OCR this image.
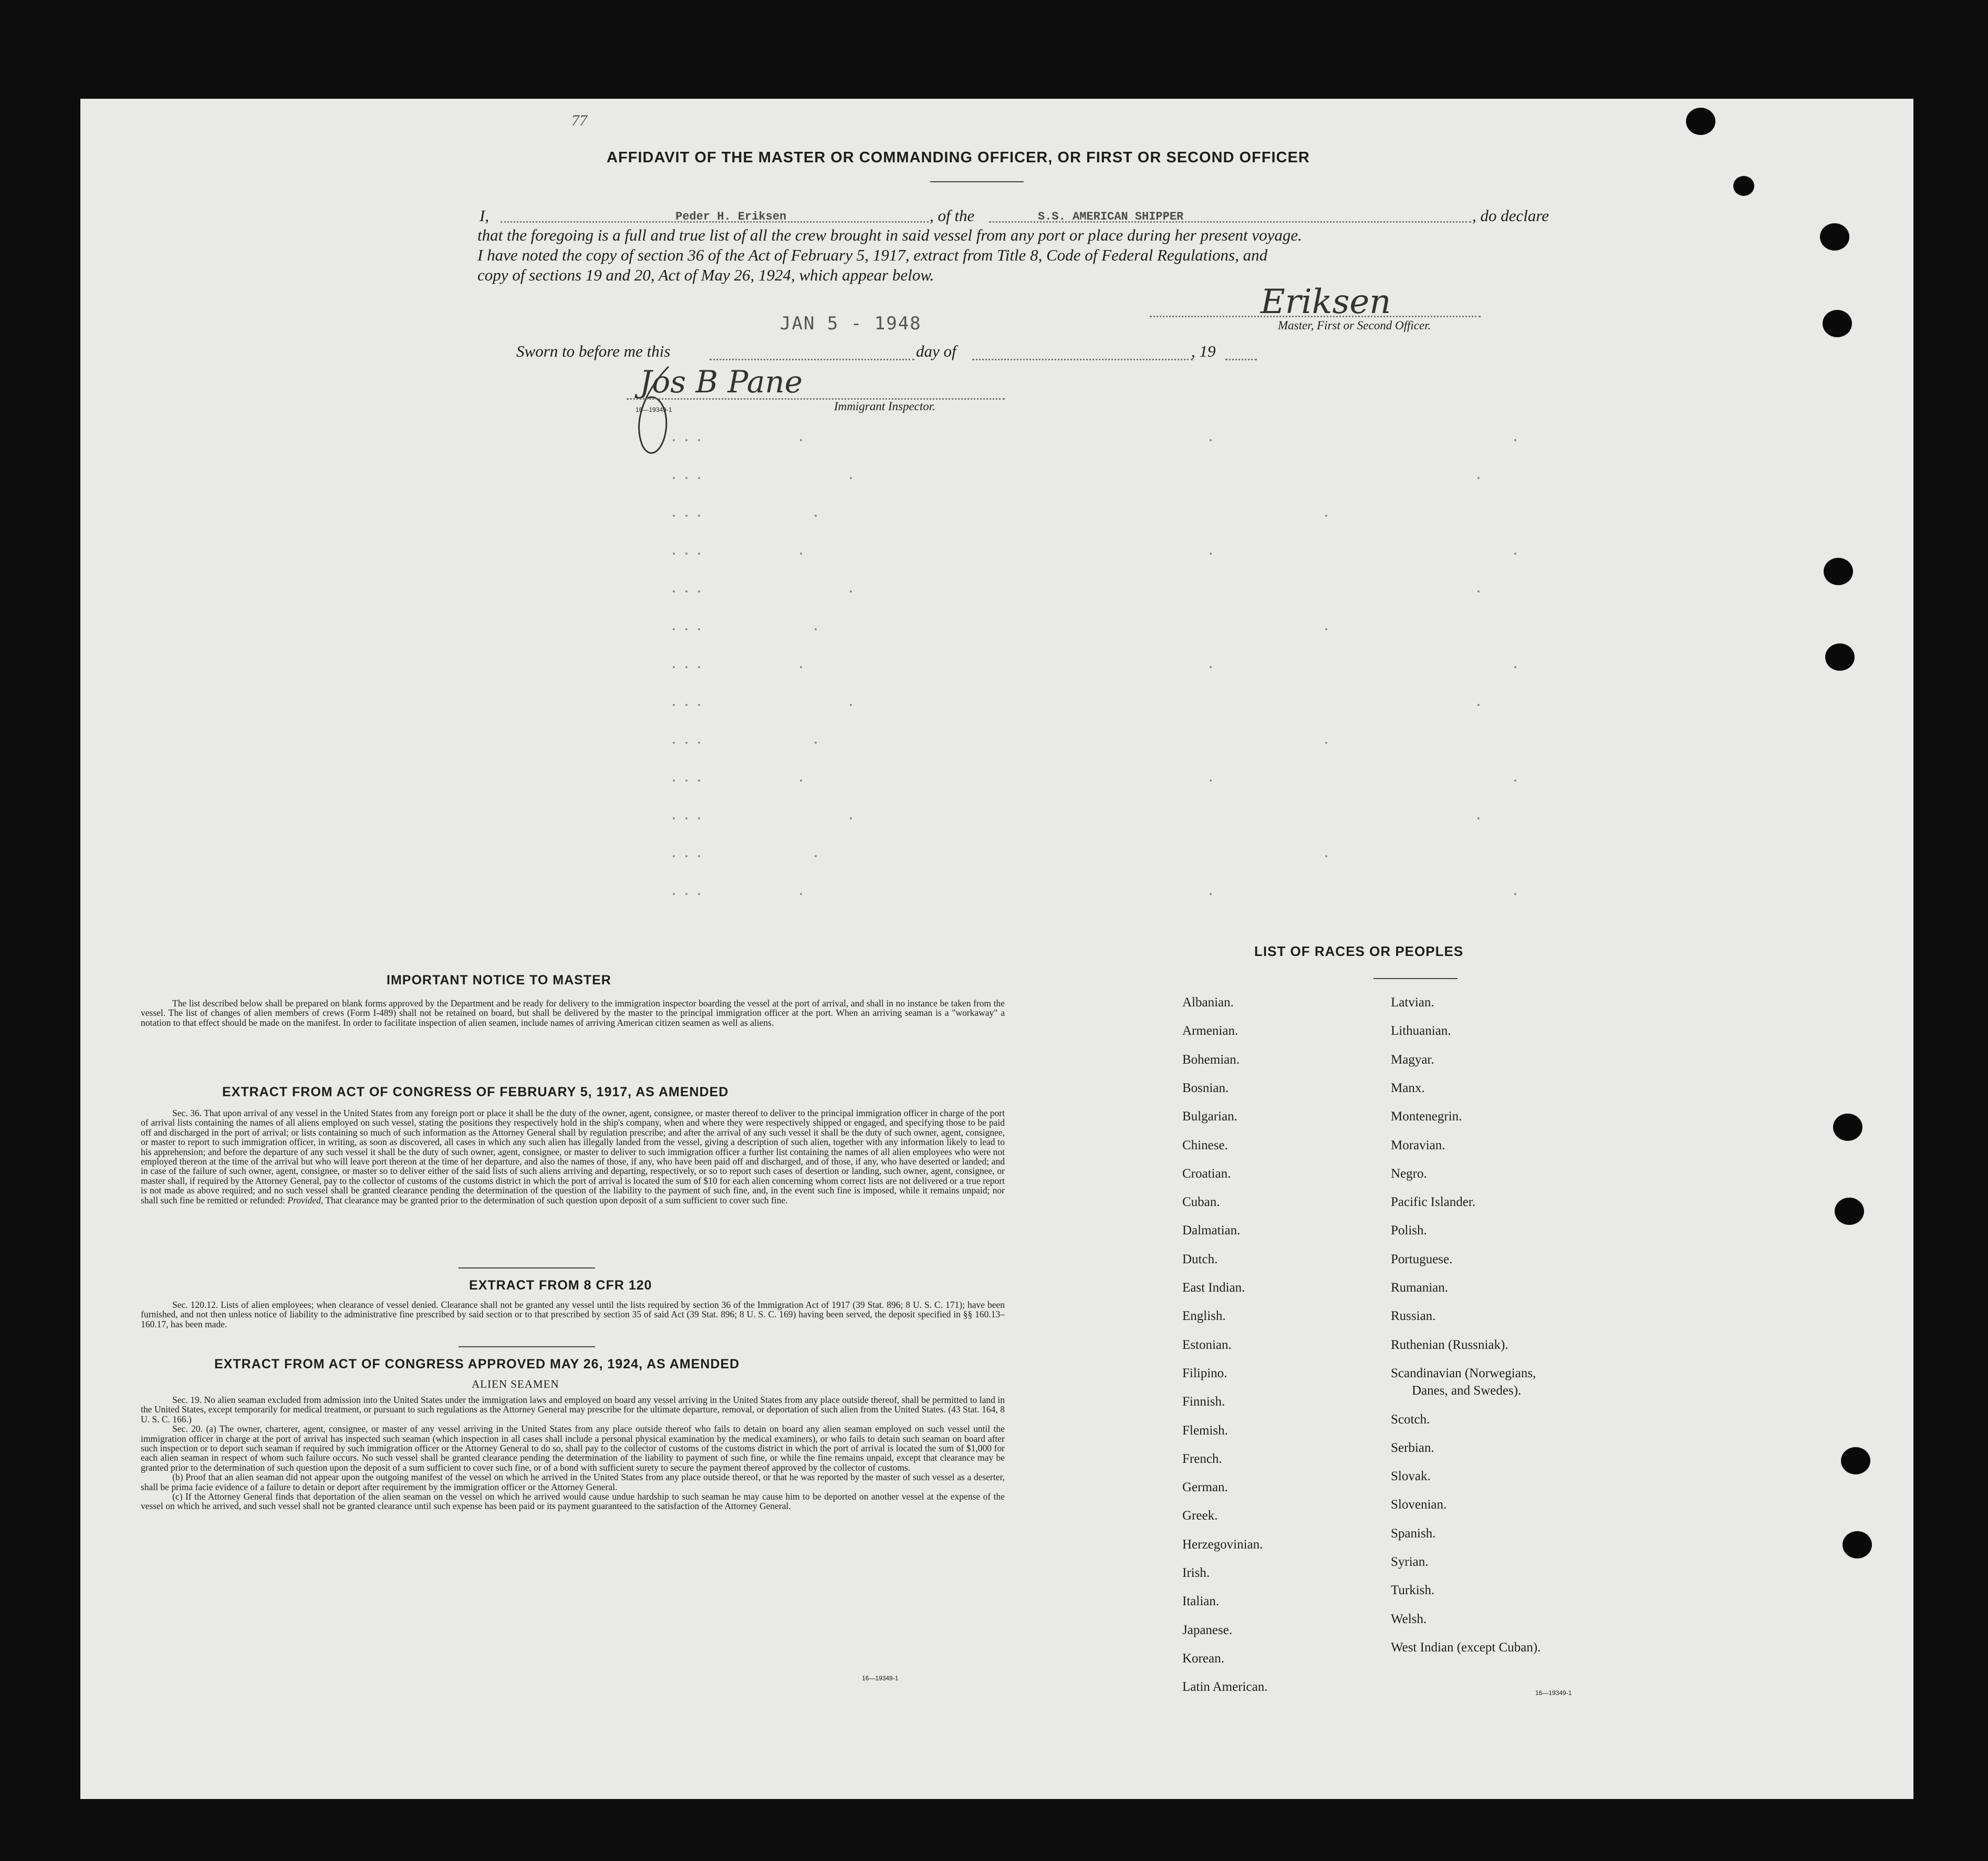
77
AFFIDAVIT OF THE MASTER OR COMMANDING OFFICER, OR FIRST OR SECOND OFFICER
I,	Peder H. Eriksen	, of the	S.S. AMERICAN SHIPPER	, do declare
that the foregoing is a full and true list of all the crew brought in said vessel from any port or place during her present voyage.
I have noted the copy of section 36 of the Act of February 5, 1917, extract from Title 8, Code of Federal Regulations, and
copy of sections 19 and 20, Act of May 26, 1924, which appear below.
Eriksen
Master, First or Second Officer.
JAN 5 - 1948
Sworn to before me this	day of	, 19
Jos B Pane
16—19349-1	Immigrant Inspector.
LIST OF RACES OR PEOPLES
Albanian.
Armenian.
Bohemian.
Bosnian.
Bulgarian.
Chinese.
Croatian.
Cuban.
Dalmatian.
Dutch.
East Indian.
English.
Estonian.
Filipino.
Finnish.
Flemish.
French.
German.
Greek.
Herzegovinian.
Irish.
Italian.
Japanese.
Korean.
Latin American.
Latvian.
Lithuanian.
Magyar.
Manx.
Montenegrin.
Moravian.
Negro.
Pacific Islander.
Polish.
Portuguese.
Rumanian.
Russian.
Ruthenian (Russniak).
Scandinavian (Norwegians,
Danes, and Swedes).
Scotch.
Serbian.
Slovak.
Slovenian.
Spanish.
Syrian.
Turkish.
Welsh.
West Indian (except Cuban).
16—19349-1
IMPORTANT NOTICE TO MASTER
The list described below shall be prepared on blank forms approved by the Department and be ready for delivery to the immigration inspector boarding the vessel at the port of arrival, and shall in no instance be taken from the vessel. The list of changes of alien members of crews (Form I-489) shall not be retained on board, but shall be delivered by the master to the principal immigration officer at the port. When an arriving seaman is a "workaway" a notation to that effect should be made on the manifest. In order to facilitate inspection of alien seamen, include names of arriving American citizen seamen as well as aliens.
EXTRACT FROM ACT OF CONGRESS OF FEBRUARY 5, 1917, AS AMENDED
Sec. 36. That upon arrival of any vessel in the United States from any foreign port or place it shall be the duty of the owner, agent, consignee, or master thereof to deliver to the principal immigration officer in charge of the port of arrival lists containing the names of all aliens employed on such vessel, stating the positions they respectively hold in the ship's company, when and where they were respectively shipped or engaged, and specifying those to be paid off and discharged in the port of arrival; or lists containing so much of such information as the Attorney General shall by regulation prescribe; and after the arrival of any such vessel it shall be the duty of such owner, agent, consignee, or master to report to such immigration officer, in writing, as soon as discovered, all cases in which any such alien has illegally landed from the vessel, giving a description of such alien, together with any information likely to lead to his apprehension; and before the departure of any such vessel it shall be the duty of such owner, agent, consignee, or master to deliver to such immigration officer a further list containing the names of all alien employees who were not employed thereon at the time of the arrival but who will leave port thereon at the time of her departure, and also the names of those, if any, who have been paid off and discharged, and of those, if any, who have deserted or landed; and in case of the failure of such owner, agent, consignee, or master so to deliver either of the said lists of such aliens arriving and departing, respectively, or so to report such cases of desertion or landing, such owner, agent, consignee, or master shall, if required by the Attorney General, pay to the collector of customs of the customs district in which the port of arrival is located the sum of $10 for each alien concerning whom correct lists are not delivered or a true report is not made as above required; and no such vessel shall be granted clearance pending the determination of the question of the liability to the payment of such fine, and, in the event such fine is imposed, while it remains unpaid; nor shall such fine be remitted or refunded: Provided, That clearance may be granted prior to the determination of such question upon deposit of a sum sufficient to cover such fine.
EXTRACT FROM 8 CFR 120
Sec. 120.12. Lists of alien employees; when clearance of vessel denied. Clearance shall not be granted any vessel until the lists required by section 36 of the Immigration Act of 1917 (39 Stat. 896; 8 U. S. C. 171); have been furnished, and not then unless notice of liability to the administrative fine prescribed by said section or to that prescribed by section 35 of said Act (39 Stat. 896; 8 U. S. C. 169) having been served, the deposit specified in §§ 160.13–160.17, has been made.
EXTRACT FROM ACT OF CONGRESS APPROVED MAY 26, 1924, AS AMENDED
ALIEN SEAMEN

Sec. 19. No alien seaman excluded from admission into the United States under the immigration laws and employed on board any vessel arriving in the United States from any place outside thereof, shall be permitted to land in the United States, except temporarily for medical treatment, or pursuant to such regulations as the Attorney General may prescribe for the ultimate departure, removal, or deportation of such alien from the United States. (43 Stat. 164, 8 U. S. C. 166.)

Sec. 20. (a) The owner, charterer, agent, consignee, or master of any vessel arriving in the United States from any place outside thereof who fails to detain on board any alien seaman employed on such vessel until the immigration officer in charge at the port of arrival has inspected such seaman (which inspection in all cases shall include a personal physical examination by the medical examiners), or who fails to detain such seaman on board after such inspection or to deport such seaman if required by such immigration officer or the Attorney General to do so, shall pay to the collector of customs of the customs district in which the port of arrival is located the sum of $1,000 for each alien seaman in respect of whom such failure occurs. No such vessel shall be granted clearance pending the determination of the liability to payment of such fine, or while the fine remains unpaid, except that clearance may be granted prior to the determination of such question upon the deposit of a sum sufficient to cover such fine, or of a bond with sufficient surety to secure the payment thereof approved by the collector of customs.

(b) Proof that an alien seaman did not appear upon the outgoing manifest of the vessel on which he arrived in the United States from any place outside thereof, or that he was reported by the master of such vessel as a deserter, shall be prima facie evidence of a failure to detain or deport after requirement by the immigration officer or the Attorney General.

(c) If the Attorney General finds that deportation of the alien seaman on the vessel on which he arrived would cause undue hardship to such seaman he may cause him to be deported on another vessel at the expense of the vessel on which he arrived, and such vessel shall not be granted clearance until such expense has been paid or its payment guaranteed to the satisfaction of the Attorney General.

16—19349-1
